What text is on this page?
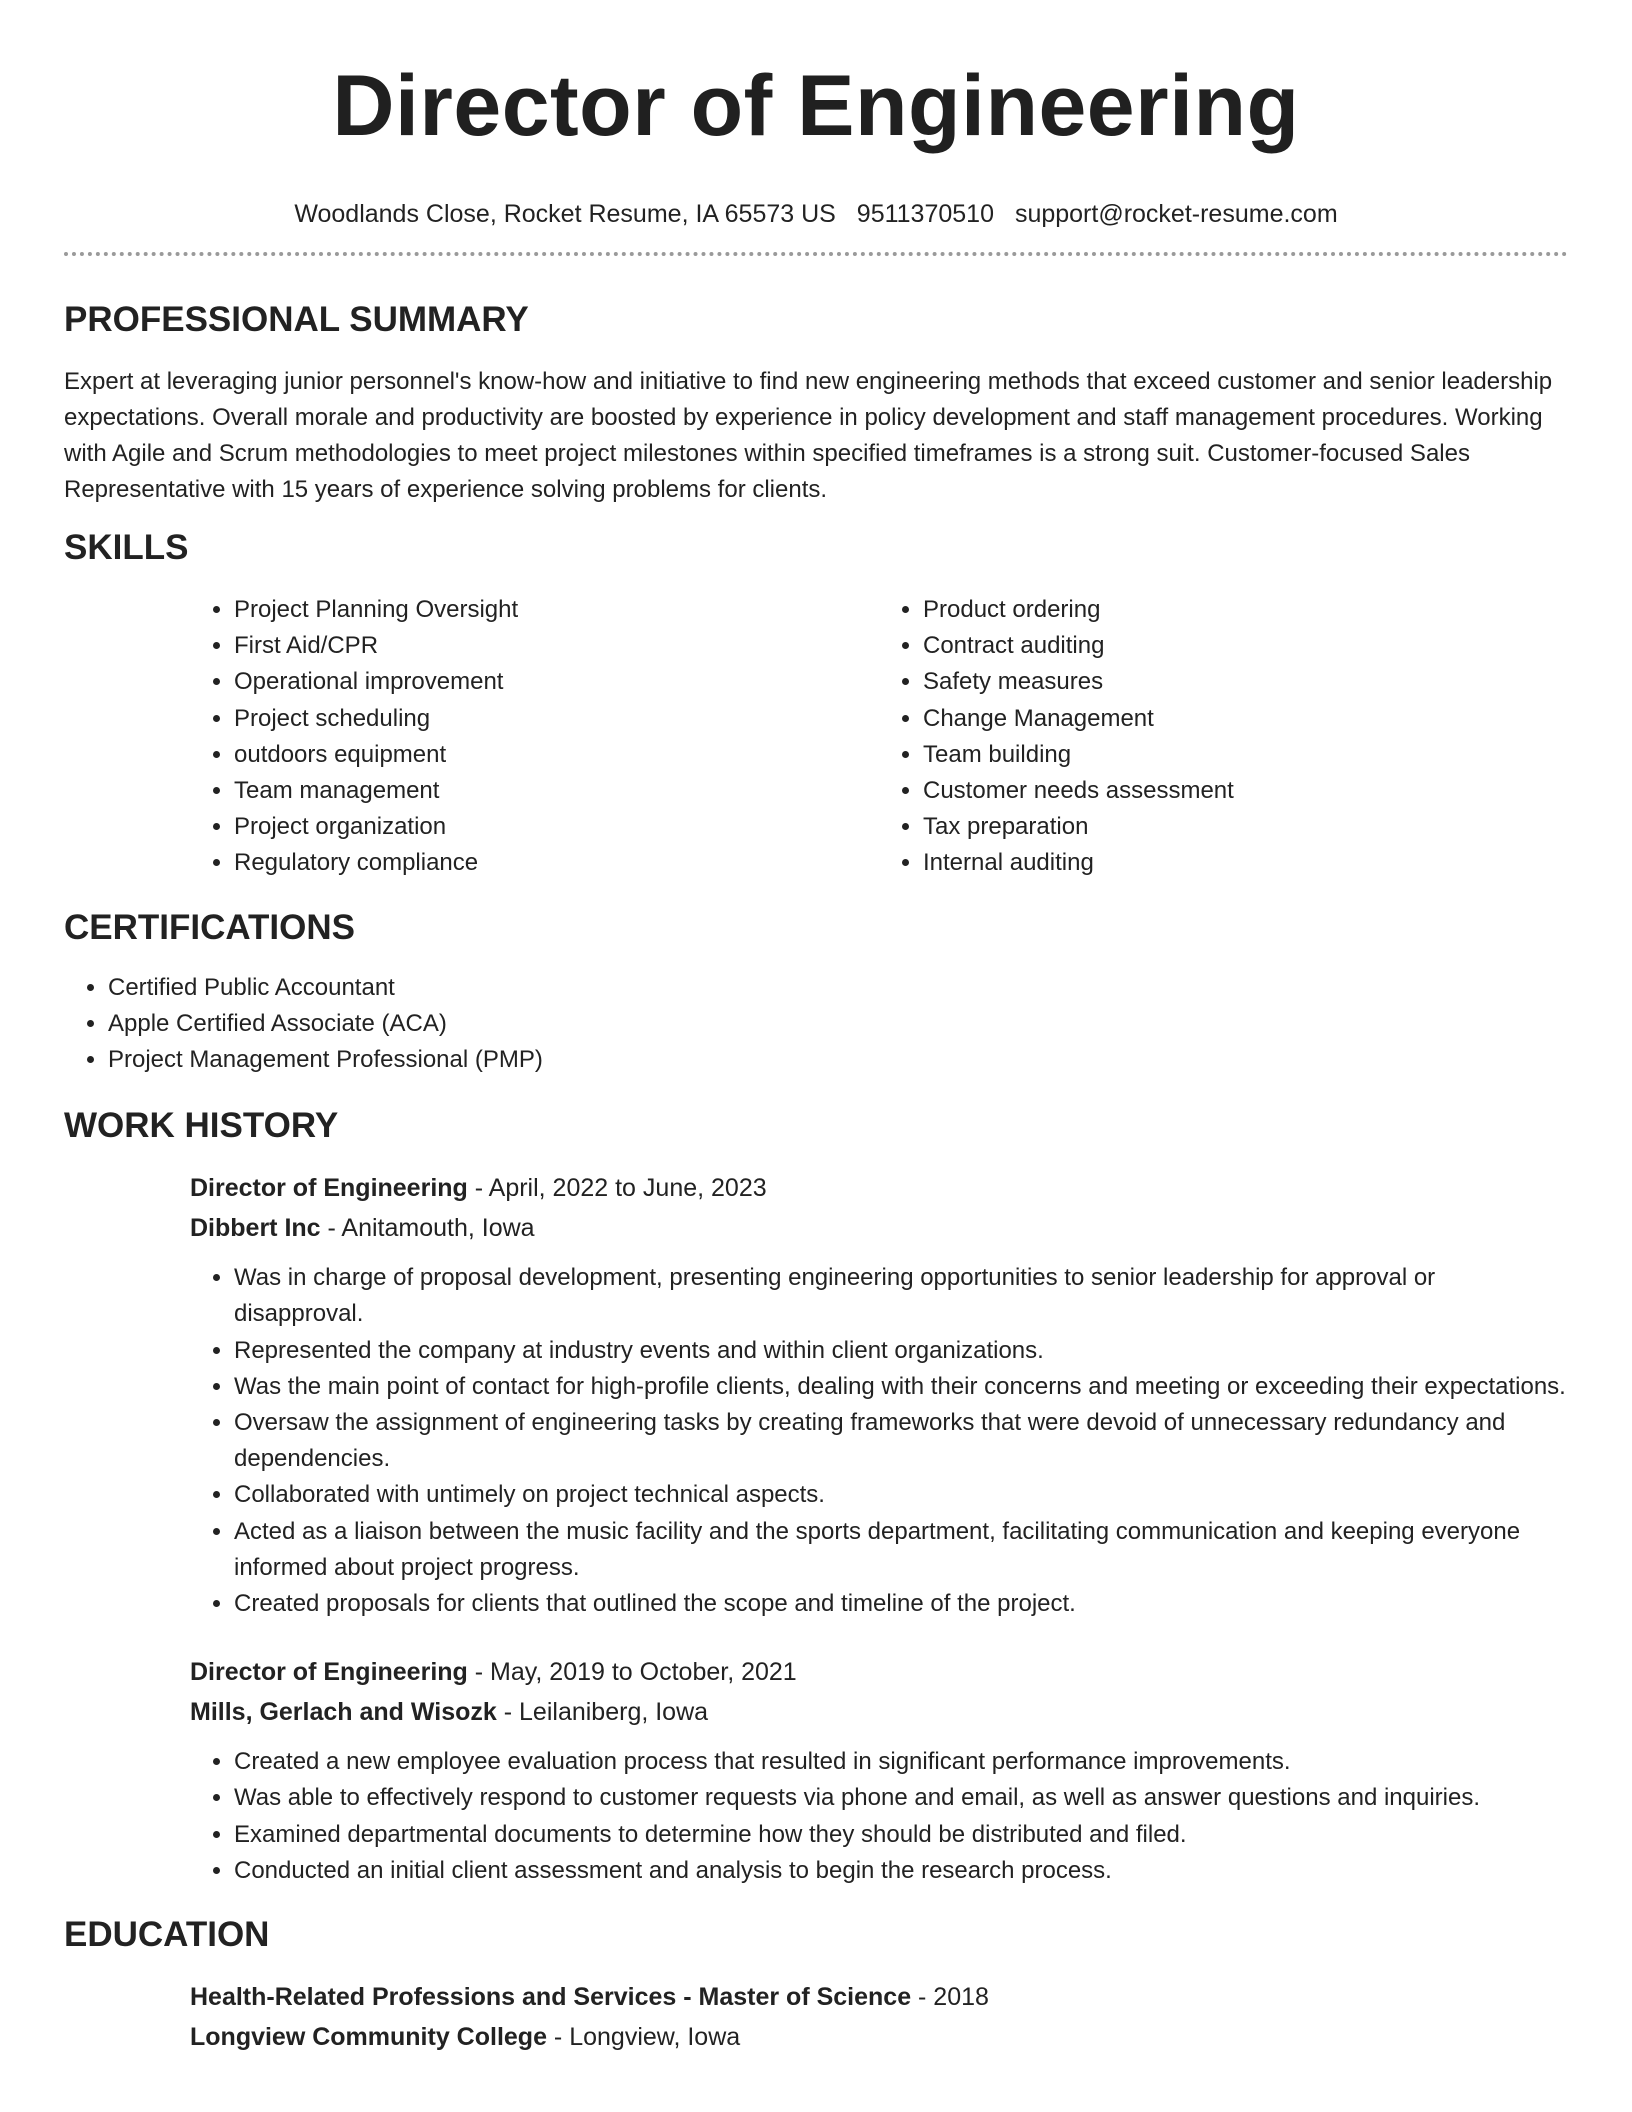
Director of Engineering
Woodlands Close, Rocket Resume, IA 65573 US 9511370510 support@rocket-resume.com
PROFESSIONAL SUMMARY

Expert at leveraging junior personnel's know-how and initiative to find new engineering methods that exceed customer and senior leadership expectations. Overall morale and productivity are boosted by experience in policy development and staff management procedures. Working with Agile and Scrum methodologies to meet project milestones within specified timeframes is a strong suit. Customer-focused Sales Representative with 15 years of experience solving problems for clients.

SKILLS
• Project Planning Oversight
• First Aid/CPR
• Operational improvement
• Project scheduling
• outdoors equipment
• Team management
• Project organization
• Regulatory compliance
• Product ordering
• Contract auditing
• Safety measures
• Change Management
• Team building
• Customer needs assessment
• Tax preparation
• Internal auditing
CERTIFICATIONS
• Certified Public Accountant
• Apple Certified Associate (ACA)
• Project Management Professional (PMP)
WORK HISTORY
Director of Engineering - April, 2022 to June, 2023
Dibbert Inc - Anitamouth, Iowa
• Was in charge of proposal development, presenting engineering opportunities to senior leadership for approval or disapproval.
• Represented the company at industry events and within client organizations.
• Was the main point of contact for high-profile clients, dealing with their concerns and meeting or exceeding their expectations.
• Oversaw the assignment of engineering tasks by creating frameworks that were devoid of unnecessary redundancy and dependencies.
• Collaborated with untimely on project technical aspects.
• Acted as a liaison between the music facility and the sports department, facilitating communication and keeping everyone informed about project progress.
• Created proposals for clients that outlined the scope and timeline of the project.
Director of Engineering - May, 2019 to October, 2021
Mills, Gerlach and Wisozk - Leilaniberg, Iowa
• Created a new employee evaluation process that resulted in significant performance improvements.
• Was able to effectively respond to customer requests via phone and email, as well as answer questions and inquiries.
• Examined departmental documents to determine how they should be distributed and filed.
• Conducted an initial client assessment and analysis to begin the research process.
EDUCATION
Health-Related Professions and Services - Master of Science - 2018
Longview Community College - Longview, Iowa
